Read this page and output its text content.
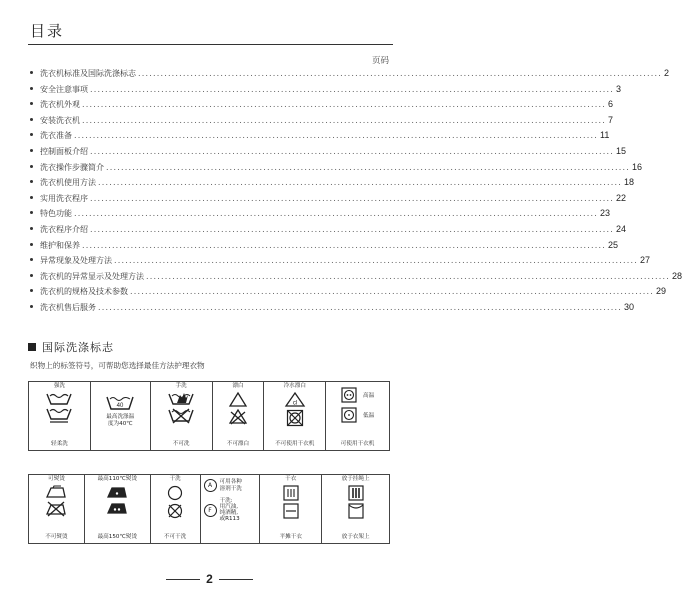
目录
页码
洗衣机标准及国际洗涤标志 ............................................................................................................................................ 2
安全注意事项 ............................................................................................................................................ 3
洗衣机外观 ............................................................................................................................................ 6
安装洗衣机 ............................................................................................................................................ 7
洗衣准备 ............................................................................................................................................ 11
控制面板介绍 ............................................................................................................................................ 15
洗衣操作步骤简介 ............................................................................................................................................ 16
洗衣机使用方法 ............................................................................................................................................ 18
实用洗衣程序 ............................................................................................................................................ 22
特色功能 ............................................................................................................................................ 23
洗衣程序介绍 ............................................................................................................................................ 24
维护和保养 ............................................................................................................................................ 25
异常现象及处理方法 ............................................................................................................................................ 27
洗衣机的异常显示及处理方法 ............................................................................................................................................ 28
洗衣机的规格及技术参数 ............................................................................................................................................ 29
洗衣机售后服务 ............................................................................................................................................ 30
国际洗涤标志
织物上的标签符号，可帮助您选择最佳方法护理衣物
强洗
轻柔洗

40
最高洗涤温
度为40℃

手洗
不可洗

漂白
不可漂白

冷水漂白
cl
不可使用干衣机

高温
低温
可使用干衣机
可熨烫
不可熨烫

最高110℃熨烫
最高150℃熨烫

干洗
不可干洗

A	可用各种
溶剂干洗
F
干洗:
用汽油,
纯酒精,
或R113

干衣
平摊干衣

放于挂绳上
放于衣架上
2
